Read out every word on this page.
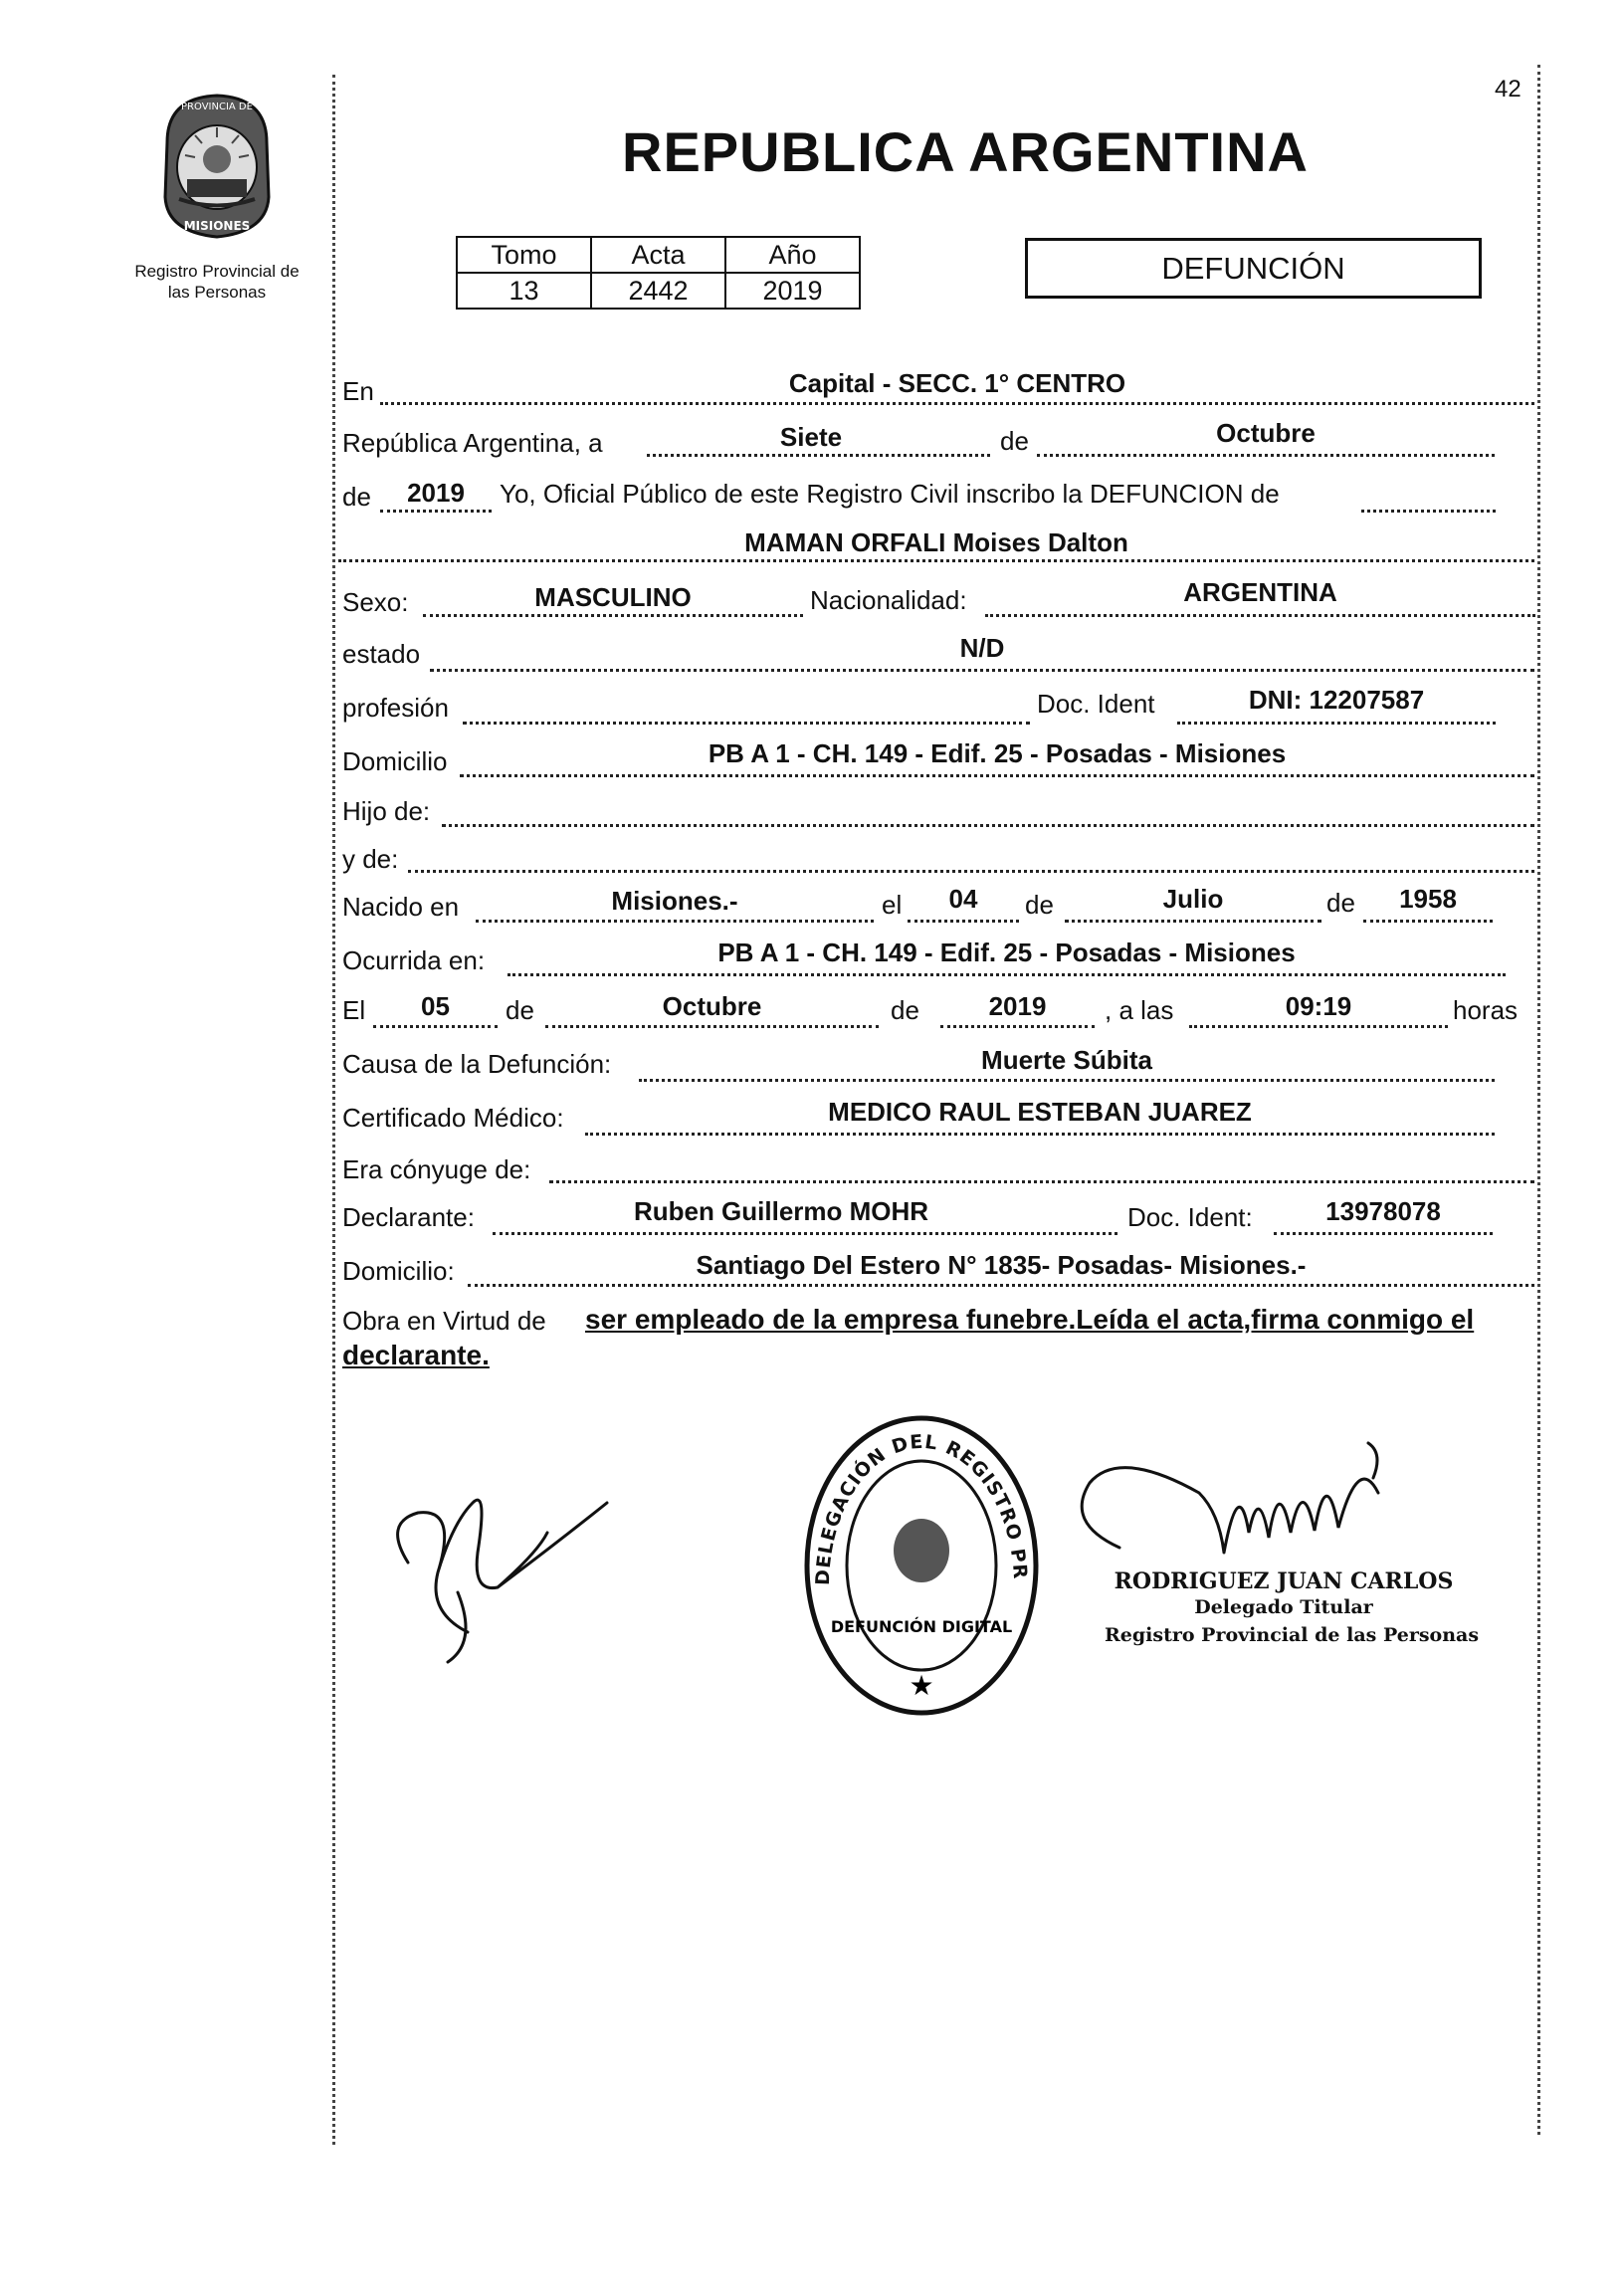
42
PROVINCIA DE
MISIONES
Registro Provincial de
las Personas
REPUBLICA ARGENTINA
Tomo	Acta	Año
13	2442	2019
DEFUNCIÓN
En	Capital - SECC. 1° CENTRO
República Argentina, a	Siete	de	Octubre
de	2019	Yo, Oficial Público de este Registro Civil inscribo la DEFUNCION de
MAMAN ORFALI Moises Dalton
Sexo:	MASCULINO	Nacionalidad:	ARGENTINA
estado	N/D
profesión	Doc. Ident	DNI: 12207587
Domicilio	PB A 1 - CH. 149 - Edif. 25 - Posadas - Misiones
Hijo de:
y de:
Nacido en	Misiones.-	el	04	de	Julio	de	1958
Ocurrida en:	PB A 1 - CH. 149 - Edif. 25 - Posadas - Misiones
El	05	de	Octubre	de	2019	, a las	09:19	horas
Causa de la Defunción:	Muerte Súbita
Certificado Médico:	MEDICO RAUL ESTEBAN JUAREZ
Era cónyuge de:
Declarante:	Ruben Guillermo MOHR	Doc. Ident:	13978078
Domicilio:	Santiago Del Estero N° 1835- Posadas- Misiones.-
Obra en Virtud de ser empleado de la empresa funebre.Leída el acta,firma conmigo el
declarante.
DELEGACIÓN DEL REGISTRO PR
DEFUNCIÓN DIGITAL
★
RODRIGUEZ JUAN CARLOS
Delegado Titular
Registro Provincial de las Personas
